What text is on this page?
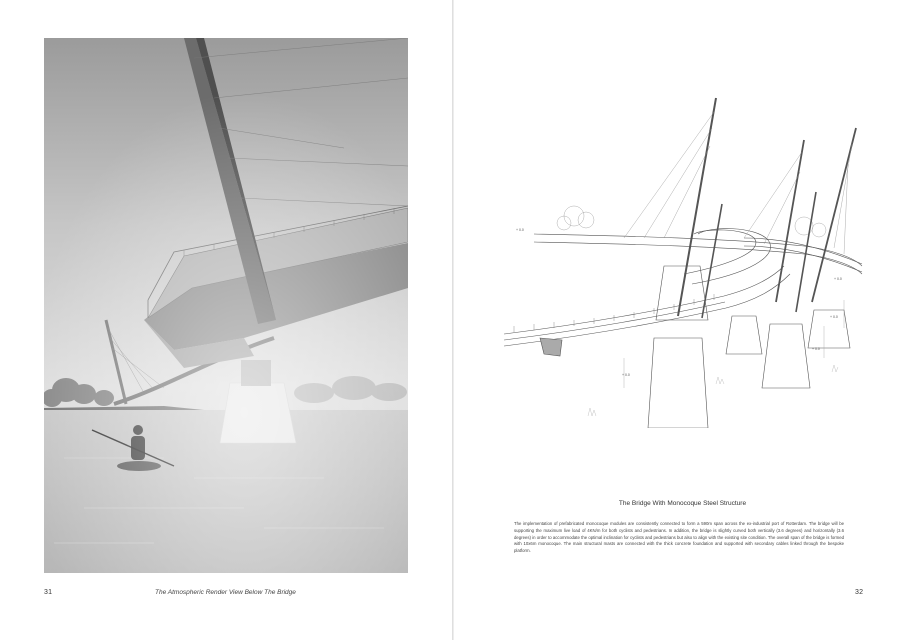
31	The Atmospheric Render View Below The Bridge
+ 0.0
+ 0.0
+ 0.0
+ 0.0
+ 0.0
The Bridge With Monocoque Steel Structure

The implementation of prefabricated monocoque modules are consistently connected to form a 590m span across the ex-industrial port of Rotterdam. The bridge will be supporting the maximum live load of 4KN/m for both cyclists and pedestrians. In addition, the bridge is slightly curved both vertically (3.6 degrees) and horizontally (3.6 degrees) in order to accommodate the optimal inclination for cyclists and pedestrians but also to align with the existing site condition. The overall span of the bridge is formed with 10x6m monocoque. The main structural masts are connected with the thick concrete foundation and supported with secondary cables linked through the bespoke platform.

32
